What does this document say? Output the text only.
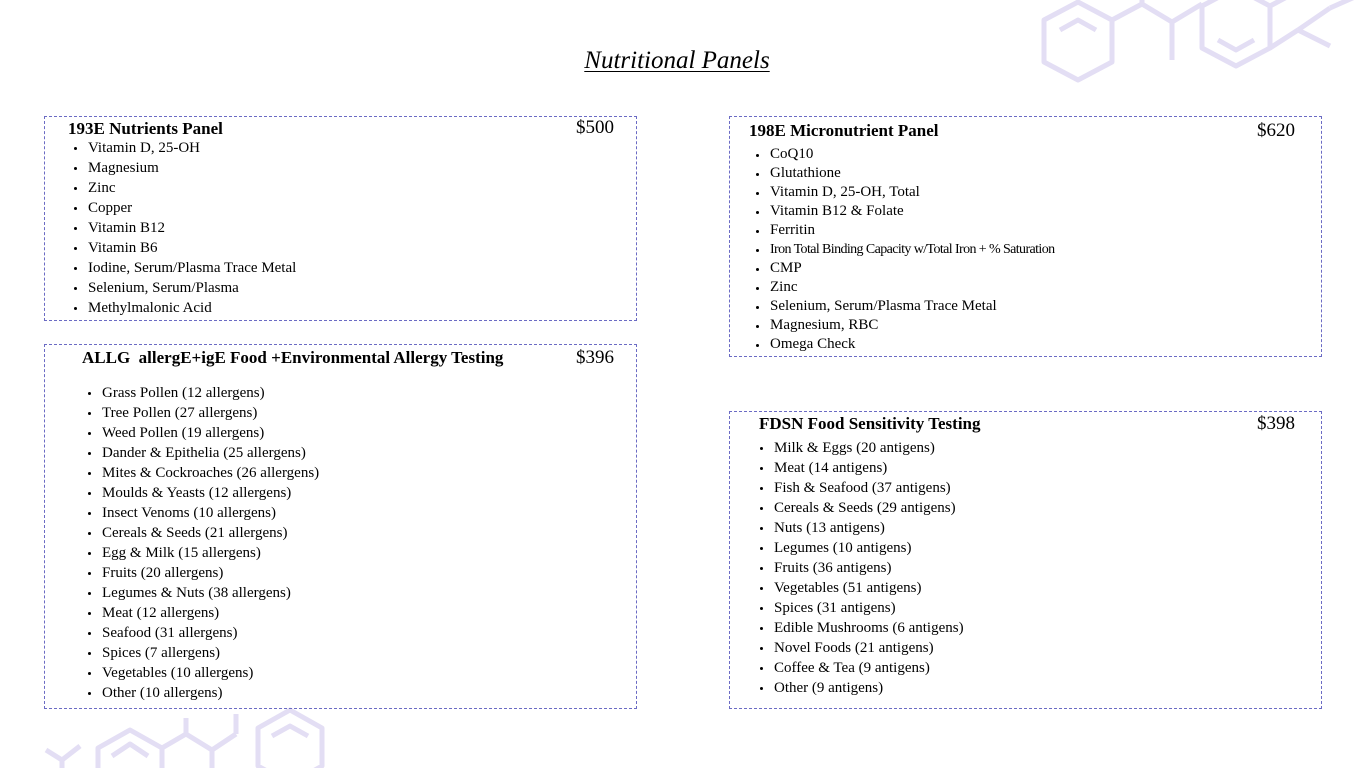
Nutritional Panels
193E Nutrients Panel	$500
Vitamin D, 25-OH
Magnesium
Zinc
Copper
Vitamin B12
Vitamin B6
Iodine, Serum/Plasma Trace Metal
Selenium, Serum/Plasma
Methylmalonic Acid
ALLG  allergE+igE Food +Environmental Allergy Testing	$396
Grass Pollen (12 allergens)
Tree Pollen (27 allergens)
Weed Pollen (19 allergens)
Dander & Epithelia (25 allergens)
Mites & Cockroaches (26 allergens)
Moulds & Yeasts (12 allergens)
Insect Venoms (10 allergens)
Cereals & Seeds (21 allergens)
Egg & Milk (15 allergens)
Fruits (20 allergens)
Legumes & Nuts (38 allergens)
Meat (12 allergens)
Seafood (31 allergens)
Spices (7 allergens)
Vegetables (10 allergens)
Other (10 allergens)
198E Micronutrient Panel	$620
CoQ10
Glutathione
Vitamin D, 25-OH, Total
Vitamin B12 & Folate
Ferritin
Iron Total Binding Capacity w/Total Iron + % Saturation
CMP
Zinc
Selenium, Serum/Plasma Trace Metal
Magnesium, RBC
Omega Check
FDSN Food Sensitivity Testing	$398
Milk & Eggs (20 antigens)
Meat (14 antigens)
Fish & Seafood (37 antigens)
Cereals & Seeds (29 antigens)
Nuts (13 antigens)
Legumes (10 antigens)
Fruits (36 antigens)
Vegetables (51 antigens)
Spices (31 antigens)
Edible Mushrooms (6 antigens)
Novel Foods (21 antigens)
Coffee & Tea (9 antigens)
Other (9 antigens)
